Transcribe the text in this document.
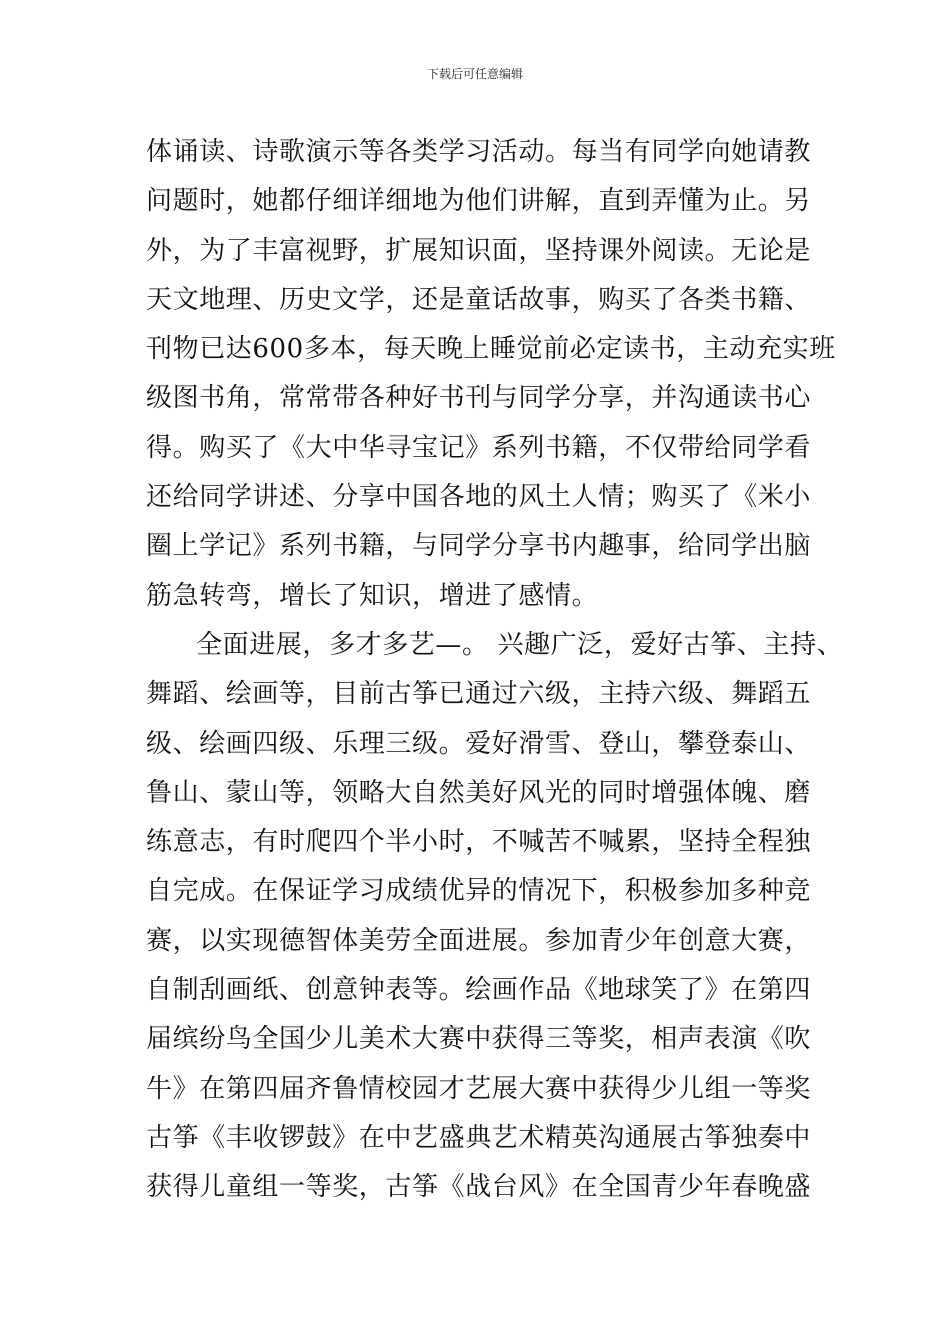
下载后可任意编辑
体诵读、诗歌演示等各类学习活动。每当有同学向她请教
问题时，她都仔细详细地为他们讲解，直到弄懂为止。另
外，为了丰富视野，扩展知识面，坚持课外阅读。无论是
天文地理、历史文学，还是童话故事，购买了各类书籍、
刊物已达600多本，每天晚上睡觉前必定读书，主动充实班
级图书角，常常带各种好书刊与同学分享，并沟通读书心
得。购买了《大中华寻宝记》系列书籍，不仅带给同学看
还给同学讲述、分享中国各地的风土人情；购买了《米小
圈上学记》系列书籍，与同学分享书内趣事，给同学出脑
筋急转弯，增长了知识，增进了感情。
全面进展，多才多艺—。 兴趣广泛，爱好古筝、主持、
舞蹈、绘画等，目前古筝已通过六级，主持六级、舞蹈五
级、绘画四级、乐理三级。爱好滑雪、登山，攀登泰山、
鲁山、蒙山等，领略大自然美好风光的同时增强体魄、磨
练意志，有时爬四个半小时，不喊苦不喊累，坚持全程独
自完成。在保证学习成绩优异的情况下，积极参加多种竞
赛，以实现德智体美劳全面进展。参加青少年创意大赛，
自制刮画纸、创意钟表等。绘画作品《地球笑了》在第四
届缤纷鸟全国少儿美术大赛中获得三等奖，相声表演《吹
牛》在第四届齐鲁情校园才艺展大赛中获得少儿组一等奖
古筝《丰收锣鼓》在中艺盛典艺术精英沟通展古筝独奏中
获得儿童组一等奖，古筝《战台风》在全国青少年春晚盛
